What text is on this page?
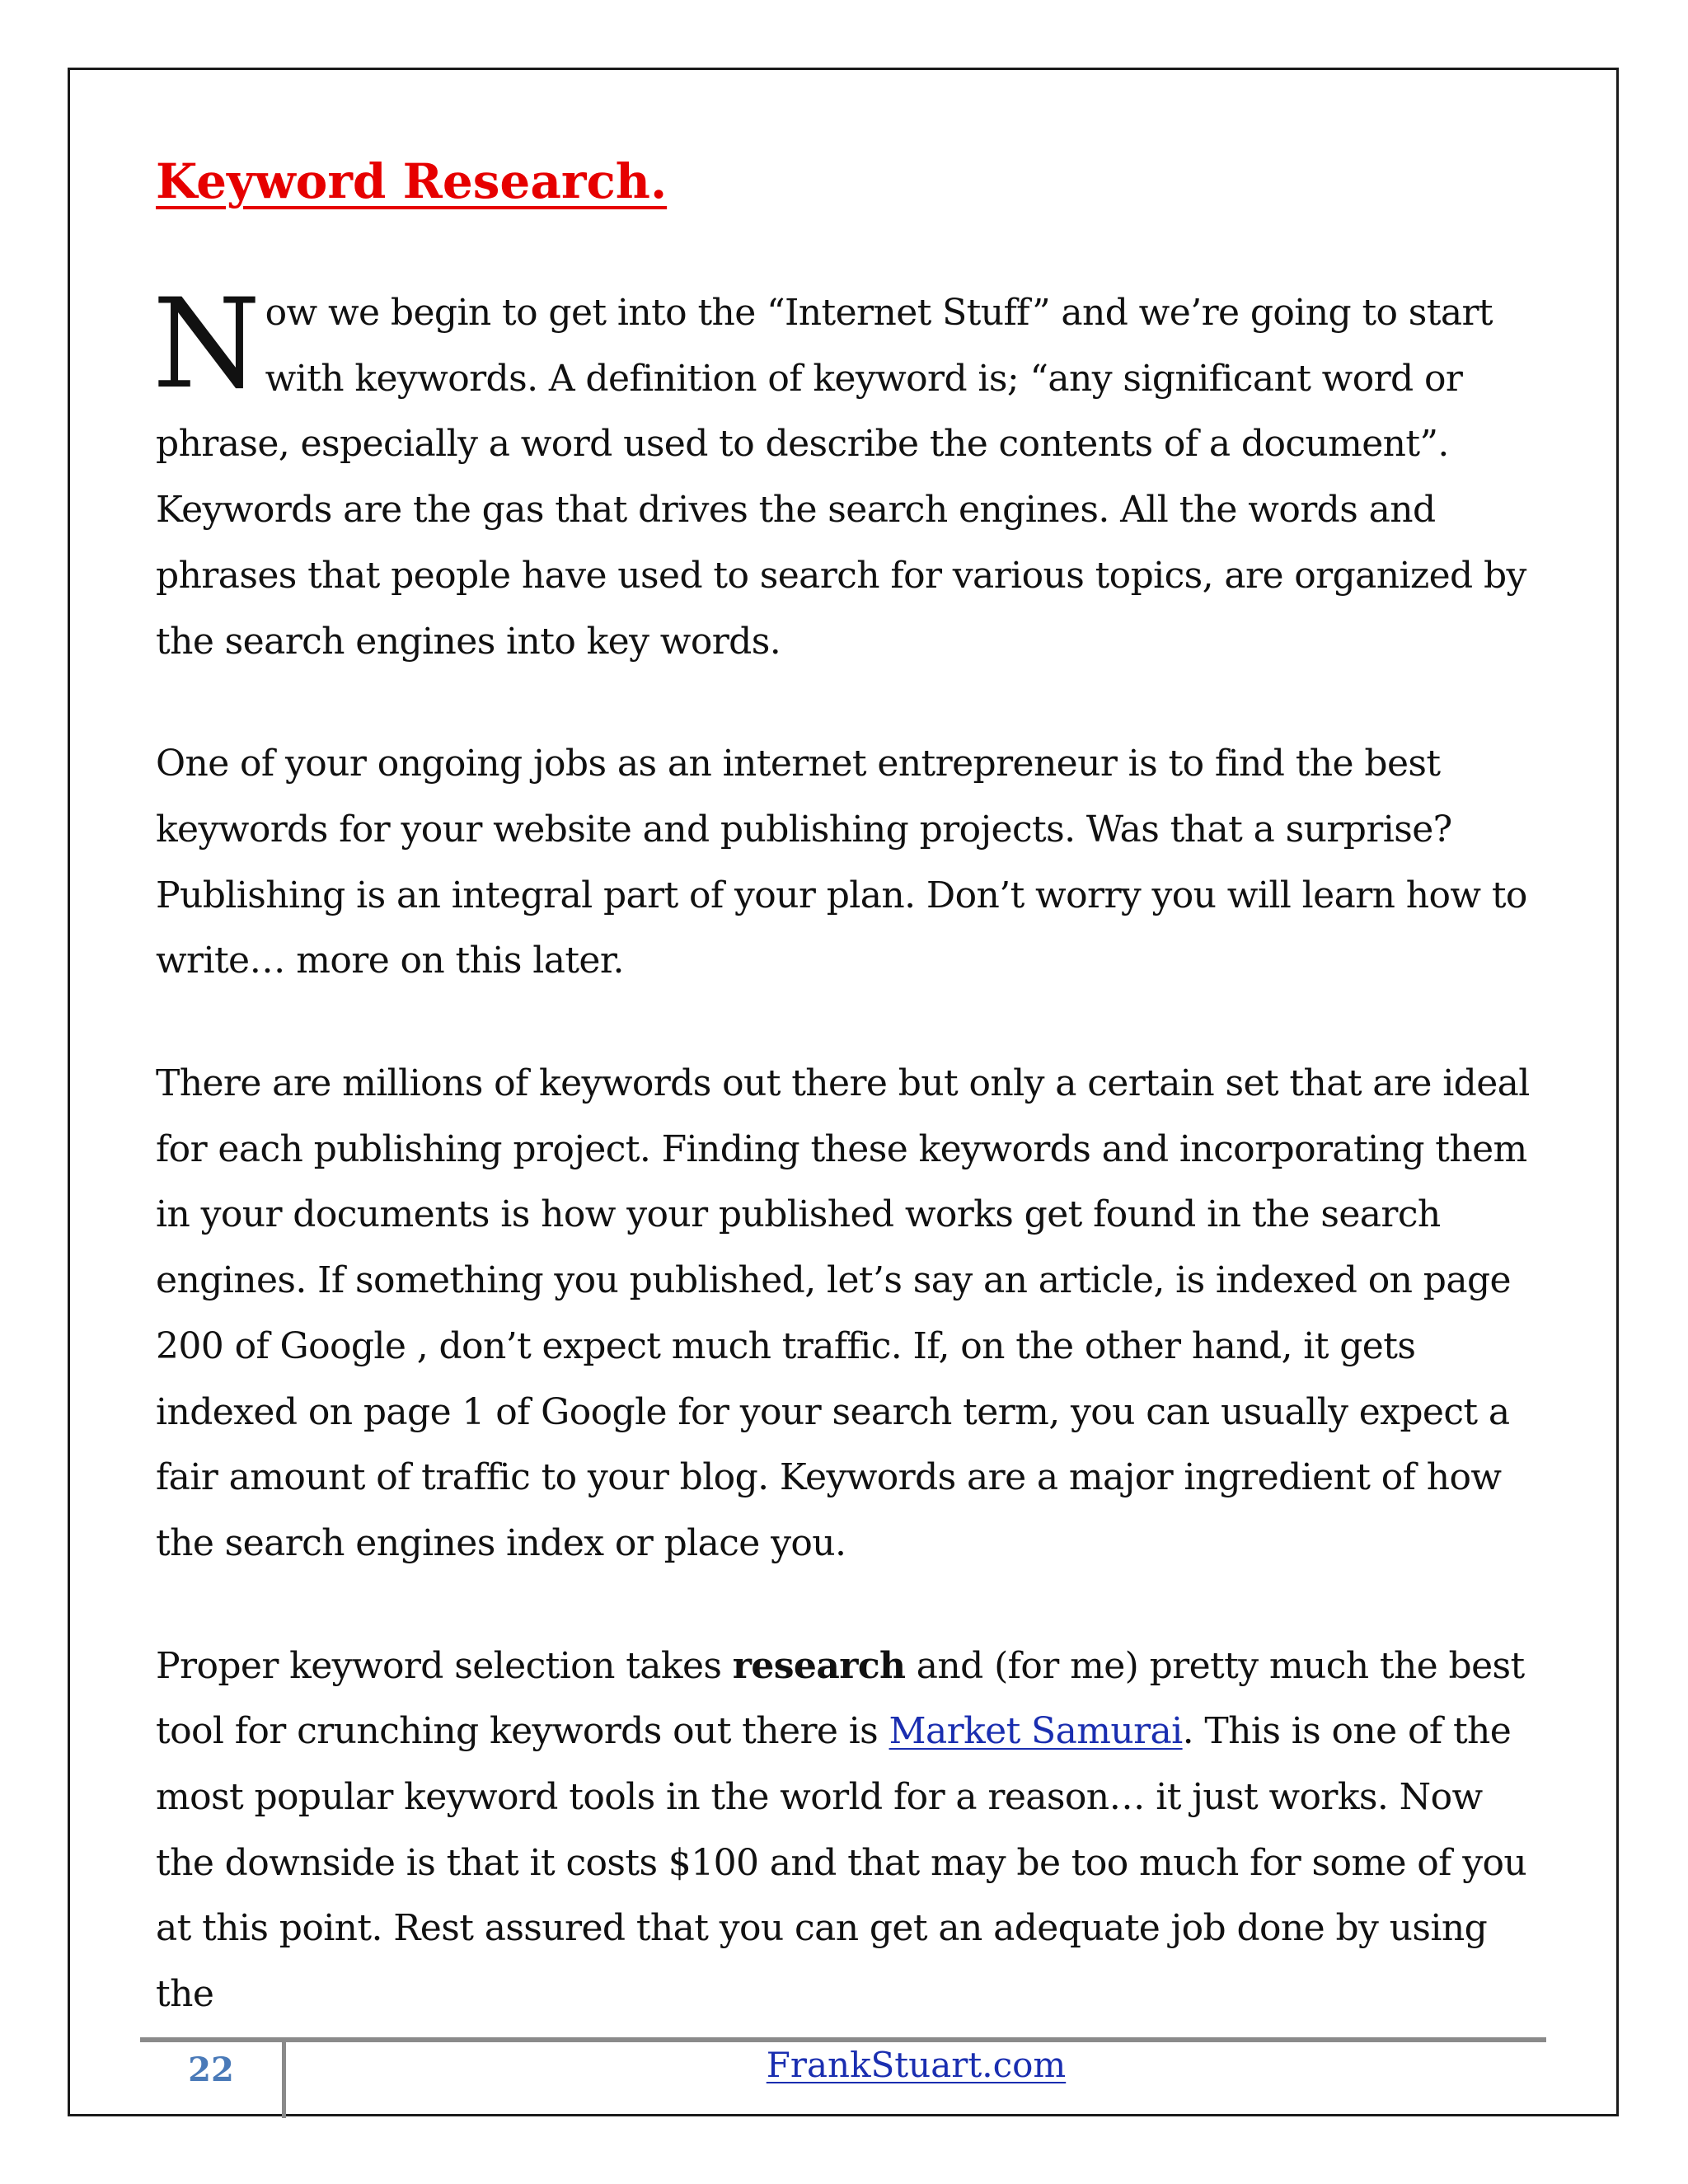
Keyword Research.

Now we begin to get into the “Internet Stuff” and we’re going to start with keywords. A definition of keyword is; “any significant word or phrase, especially a word used to describe the contents of a document”. Keywords are the gas that drives the search engines. All the words and phrases that people have used to search for various topics, are organized by the search engines into key words.

One of your ongoing jobs as an internet entrepreneur is to find the best keywords for your website and publishing projects. Was that a surprise? Publishing is an integral part of your plan. Don’t worry you will learn how to write… more on this later.

There are millions of keywords out there but only a certain set that are ideal for each publishing project. Finding these keywords and incorporating them in your documents is how your published works get found in the search engines. If something you published, let’s say an article, is indexed on page 200 of Google , don’t expect much traffic. If, on the other hand, it gets indexed on page 1 of Google for your search term, you can usually expect a fair amount of traffic to your blog. Keywords are a major ingredient of how the search engines index or place you.

Proper keyword selection takes research and (for me) pretty much the best tool for crunching keywords out there is Market Samurai. This is one of the most popular keyword tools in the world for a reason… it just works. Now the downside is that it costs $100 and that may be too much for some of you at this point. Rest assured that you can get an adequate job done by using the

22	FrankStuart.com
